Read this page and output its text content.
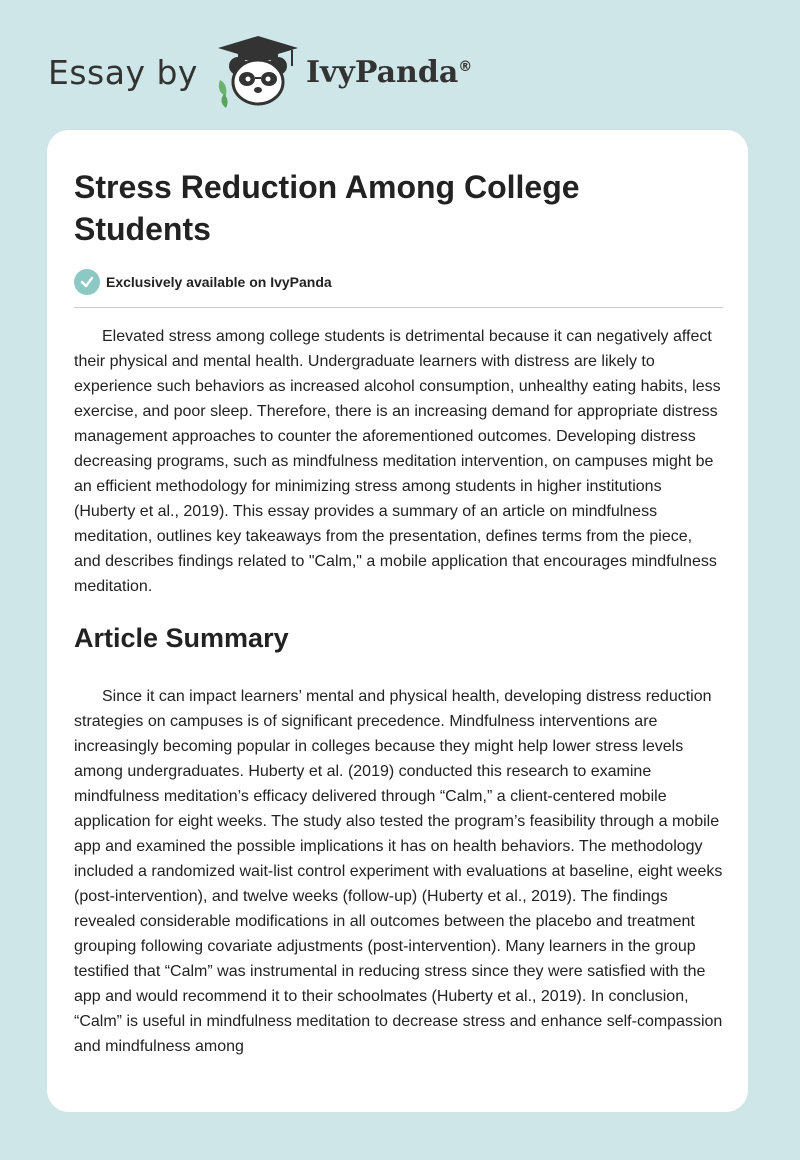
Essay by	IvyPanda®
Stress Reduction Among College Students
Exclusively available on IvyPanda

Elevated stress among college students is detrimental because it can negatively affect their physical and mental health. Undergraduate learners with distress are likely to experience such behaviors as increased alcohol consumption, unhealthy eating habits, less exercise, and poor sleep. Therefore, there is an increasing demand for appropriate distress management approaches to counter the aforementioned outcomes. Developing distress decreasing programs, such as mindfulness meditation intervention, on campuses might be an efficient methodology for minimizing stress among students in higher institutions (Huberty et al., 2019). This essay provides a summary of an article on mindfulness meditation, outlines key takeaways from the presentation, defines terms from the piece, and describes findings related to "Calm," a mobile application that encourages mindfulness meditation.

Article Summary

Since it can impact learners’ mental and physical health, developing distress reduction strategies on campuses is of significant precedence. Mindfulness interventions are increasingly becoming popular in colleges because they might help lower stress levels among undergraduates. Huberty et al. (2019) conducted this research to examine mindfulness meditation’s efficacy delivered through “Calm,” a client-centered mobile application for eight weeks. The study also tested the program’s feasibility through a mobile app and examined the possible implications it has on health behaviors. The methodology included a randomized wait-list control experiment with evaluations at baseline, eight weeks (post-intervention), and twelve weeks (follow-up) (Huberty et al., 2019). The findings revealed considerable modifications in all outcomes between the placebo and treatment grouping following covariate adjustments (post-intervention). Many learners in the group testified that “Calm” was instrumental in reducing stress since they were satisfied with the app and would recommend it to their schoolmates (Huberty et al., 2019). In conclusion, “Calm” is useful in mindfulness meditation to decrease stress and enhance self-compassion and mindfulness among
